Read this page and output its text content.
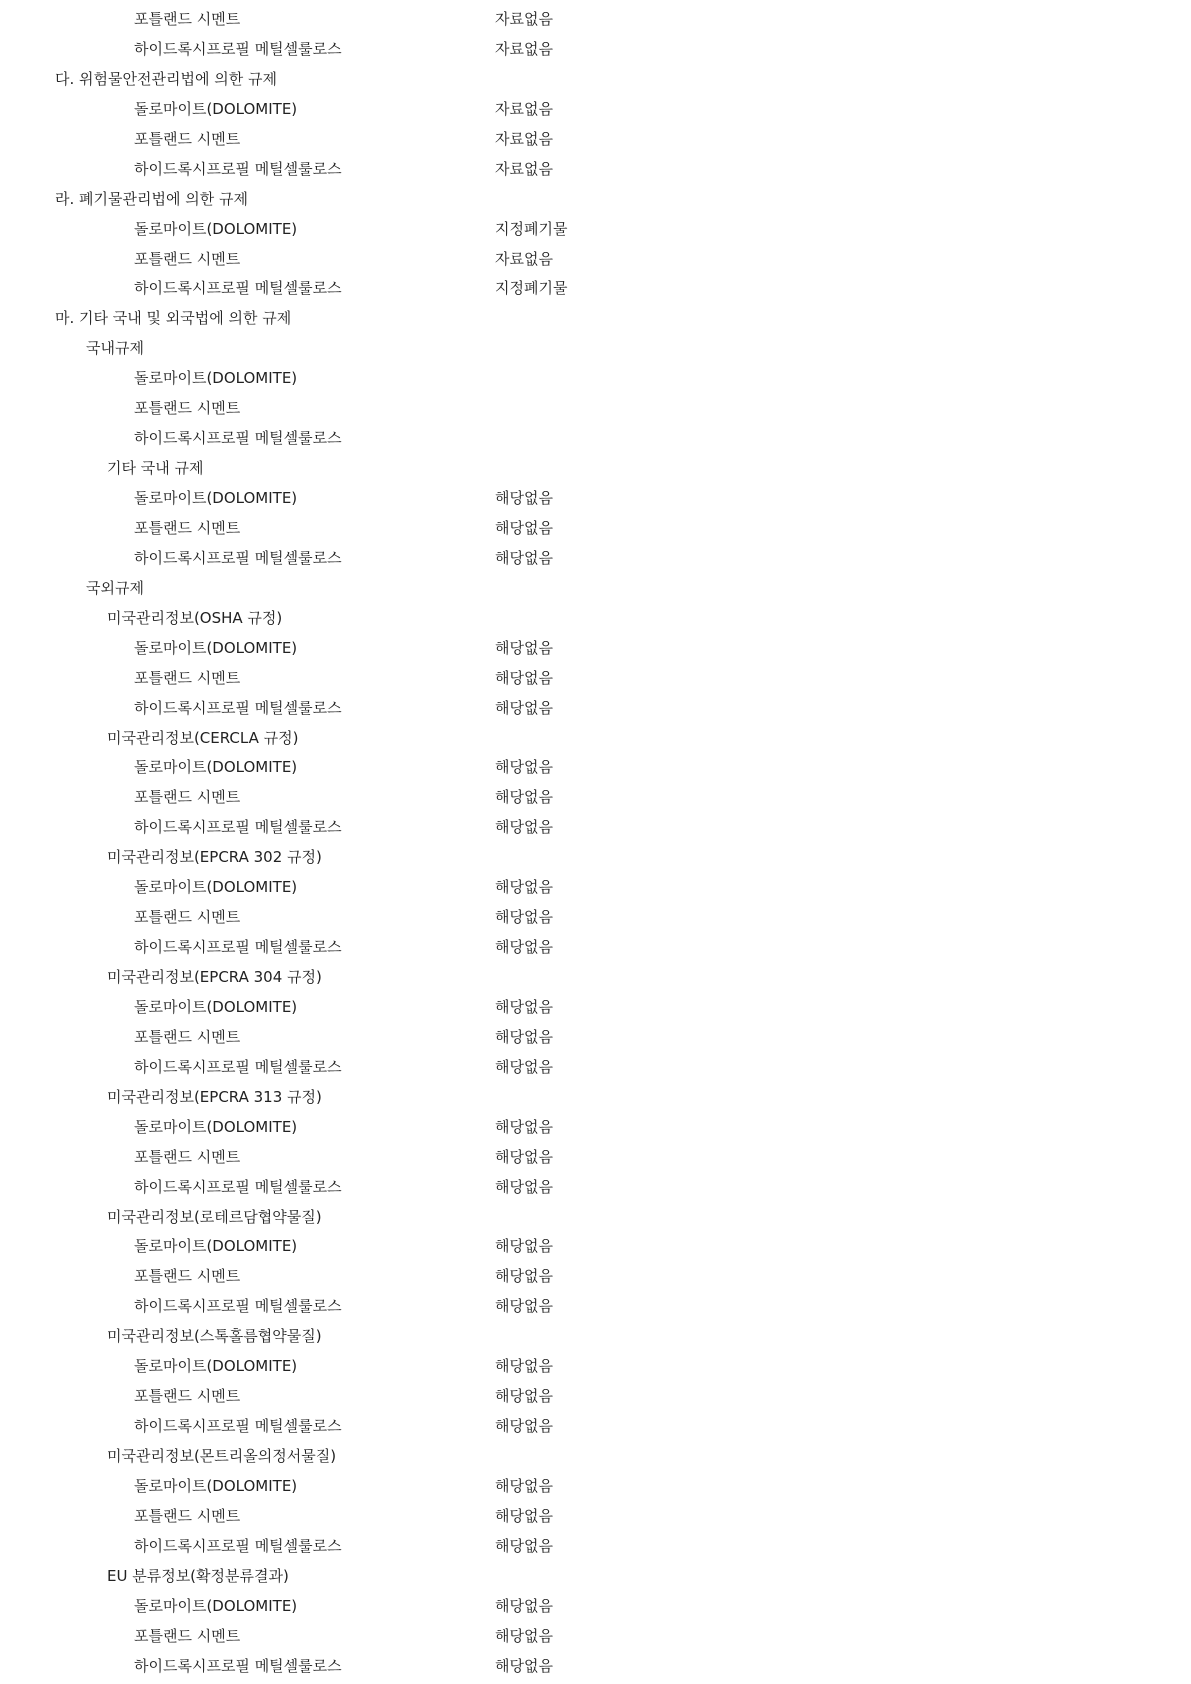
포틀랜드 시멘트	자료없음
하이드록시프로필 메틸셀룰로스	자료없음
다. 위험물안전관리법에 의한 규제
돌로마이트(DOLOMITE)	자료없음
포틀랜드 시멘트	자료없음
하이드록시프로필 메틸셀룰로스	자료없음
라. 폐기물관리법에 의한 규제
돌로마이트(DOLOMITE)	지정폐기물
포틀랜드 시멘트	자료없음
하이드록시프로필 메틸셀룰로스	지정폐기물
마. 기타 국내 및 외국법에 의한 규제
국내규제
돌로마이트(DOLOMITE)
포틀랜드 시멘트
하이드록시프로필 메틸셀룰로스
기타 국내 규제
돌로마이트(DOLOMITE)	해당없음
포틀랜드 시멘트	해당없음
하이드록시프로필 메틸셀룰로스	해당없음
국외규제
미국관리정보(OSHA 규정)
돌로마이트(DOLOMITE)	해당없음
포틀랜드 시멘트	해당없음
하이드록시프로필 메틸셀룰로스	해당없음
미국관리정보(CERCLA 규정)
돌로마이트(DOLOMITE)	해당없음
포틀랜드 시멘트	해당없음
하이드록시프로필 메틸셀룰로스	해당없음
미국관리정보(EPCRA 302 규정)
돌로마이트(DOLOMITE)	해당없음
포틀랜드 시멘트	해당없음
하이드록시프로필 메틸셀룰로스	해당없음
미국관리정보(EPCRA 304 규정)
돌로마이트(DOLOMITE)	해당없음
포틀랜드 시멘트	해당없음
하이드록시프로필 메틸셀룰로스	해당없음
미국관리정보(EPCRA 313 규정)
돌로마이트(DOLOMITE)	해당없음
포틀랜드 시멘트	해당없음
하이드록시프로필 메틸셀룰로스	해당없음
미국관리정보(로테르담협약물질)
돌로마이트(DOLOMITE)	해당없음
포틀랜드 시멘트	해당없음
하이드록시프로필 메틸셀룰로스	해당없음
미국관리정보(스톡홀름협약물질)
돌로마이트(DOLOMITE)	해당없음
포틀랜드 시멘트	해당없음
하이드록시프로필 메틸셀룰로스	해당없음
미국관리정보(몬트리올의정서물질)
돌로마이트(DOLOMITE)	해당없음
포틀랜드 시멘트	해당없음
하이드록시프로필 메틸셀룰로스	해당없음
EU 분류정보(확정분류결과)
돌로마이트(DOLOMITE)	해당없음
포틀랜드 시멘트	해당없음
하이드록시프로필 메틸셀룰로스	해당없음
